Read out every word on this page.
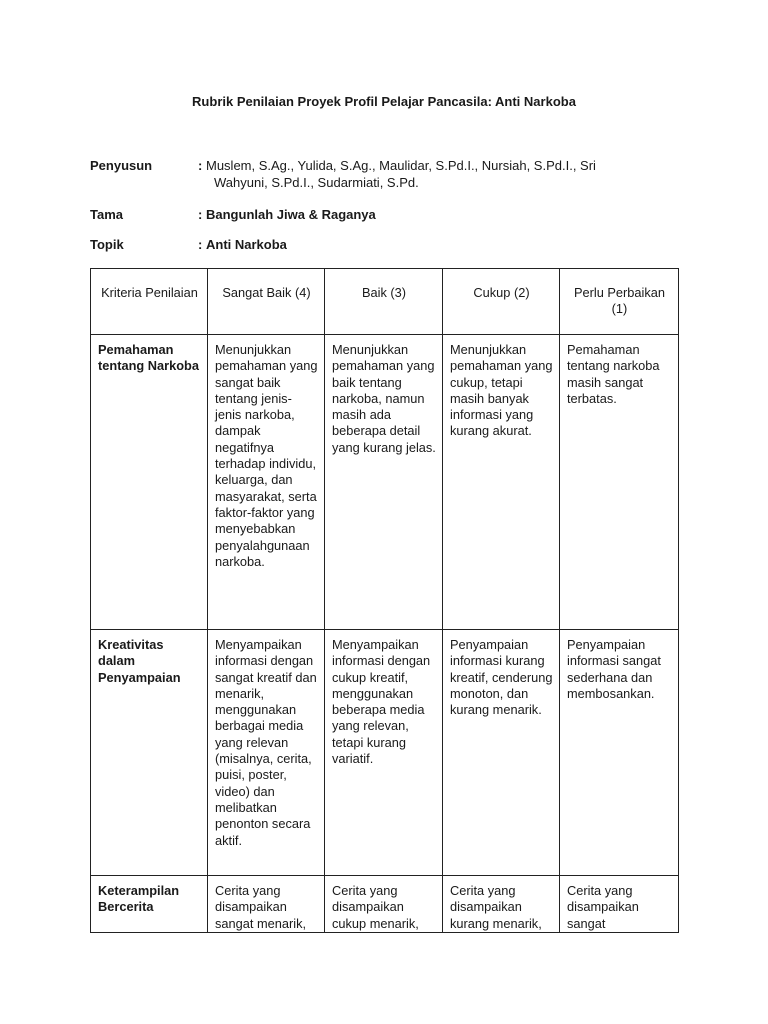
Rubrik Penilaian Proyek Profil Pelajar Pancasila: Anti Narkoba
Penyusun	: Muslem, S.Ag., Yulida, S.Ag., Maulidar, S.Pd.I., Nursiah, S.Pd.I., Sri
Wahyuni, S.Pd.I., Sudarmiati, S.Pd.
Tama	: Bangunlah Jiwa & Raganya
Topik	: Anti Narkoba
Kriteria Penilaian	Sangat Baik (4)	Baik (3)	Cukup (2)	Perlu Perbaikan (1)
Pemahaman tentang Narkoba	Menunjukkan pemahaman yang sangat baik tentang jenis-jenis narkoba, dampak negatifnya terhadap individu, keluarga, dan masyarakat, serta faktor-faktor yang menyebabkan penyalahgunaan narkoba.	Menunjukkan pemahaman yang baik tentang narkoba, namun masih ada beberapa detail yang kurang jelas.	Menunjukkan pemahaman yang cukup, tetapi masih banyak informasi yang kurang akurat.	Pemahaman tentang narkoba masih sangat terbatas.
Kreativitas dalam Penyampaian	Menyampaikan informasi dengan sangat kreatif dan menarik, menggunakan berbagai media yang relevan (misalnya, cerita, puisi, poster, video) dan melibatkan penonton secara aktif.	Menyampaikan informasi dengan cukup kreatif, menggunakan beberapa media yang relevan, tetapi kurang variatif.	Penyampaian informasi kurang kreatif, cenderung monoton, dan kurang menarik.	Penyampaian informasi sangat sederhana dan membosankan.
Keterampilan Bercerita	Cerita yang disampaikan sangat menarik,	Cerita yang disampaikan cukup menarik,	Cerita yang disampaikan kurang menarik,	Cerita yang disampaikan sangat
